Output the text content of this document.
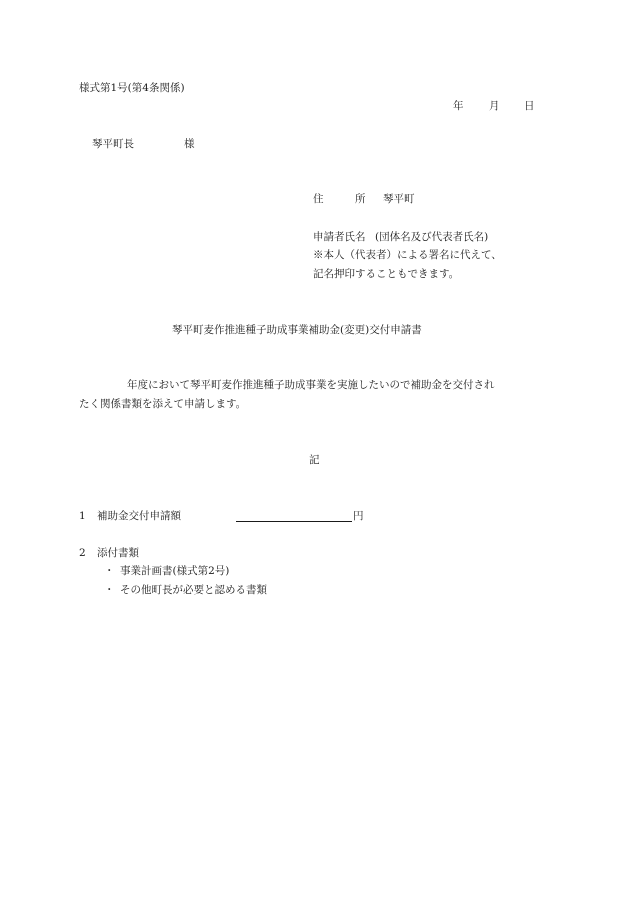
様式第1号(第4条関係)
年 月 日
琴平町長	様
住　　　所 琴平町
申請者氏名 (団体名及び代表者氏名)
※本人（代表者）による署名に代えて、
記名押印することもできます。
琴平町麦作推進種子助成事業補助金(変更)交付申請書
年度において琴平町麦作推進種子助成事業を実施したいので補助金を交付され
たく関係書類を添えて申請します。
記
1 補助金交付申請額	円
2 添付書類
・ 事業計画書(様式第2号)
・ その他町長が必要と認める書類
